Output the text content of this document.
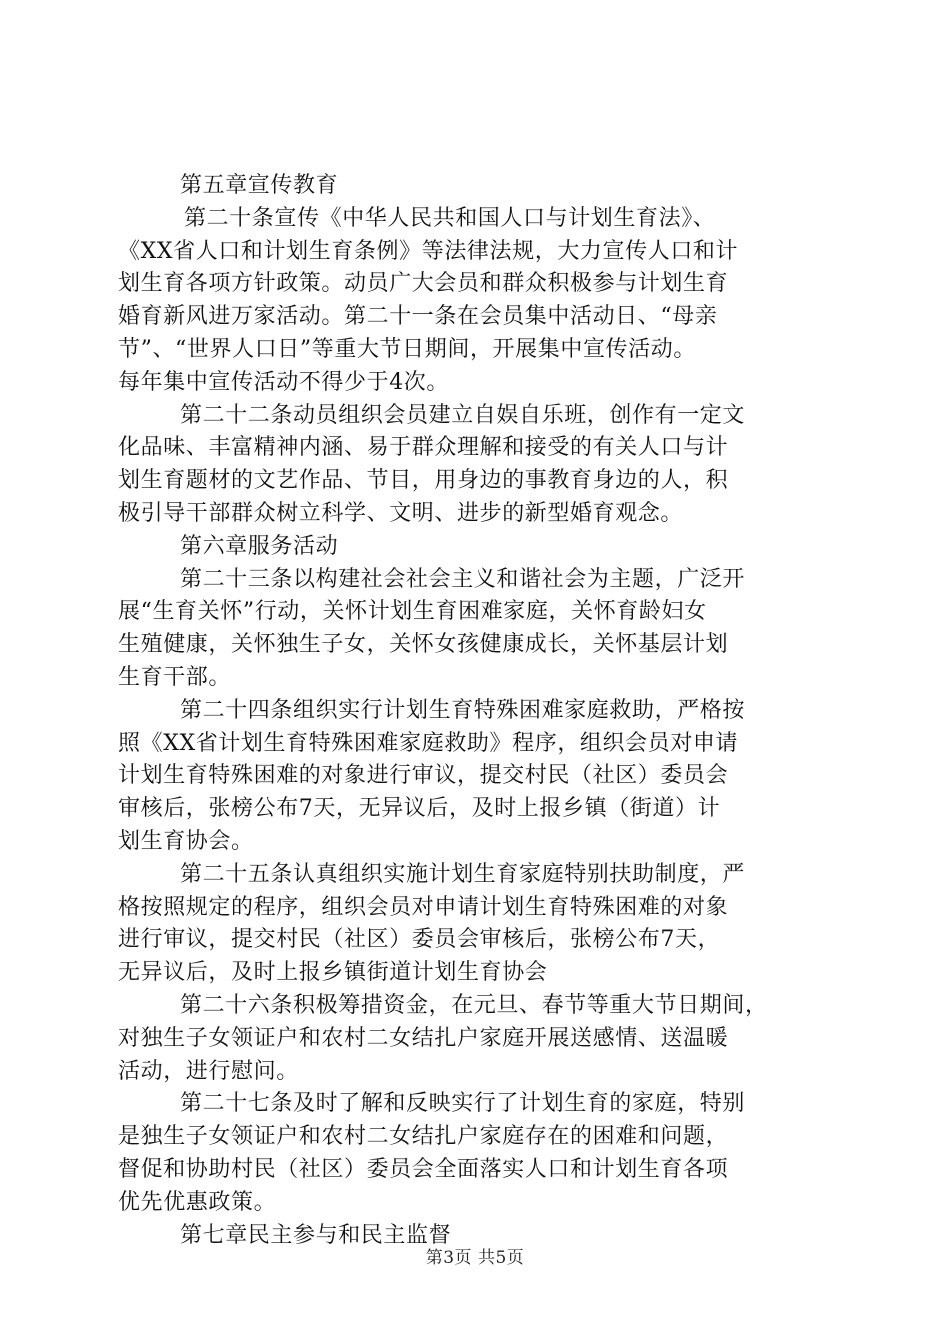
第五章宣传教育
第二十条宣传《中华人民共和国人口与计划生育法》、
《XX省人口和计划生育条例》等法律法规，大力宣传人口和计
划生育各项方针政策。动员广大会员和群众积极参与计划生育
婚育新风进万家活动。第二十一条在会员集中活动日、“母亲
节”、“世界人口日”等重大节日期间，开展集中宣传活动。
每年集中宣传活动不得少于4次。
第二十二条动员组织会员建立自娱自乐班，创作有一定文
化品味、丰富精神内涵、易于群众理解和接受的有关人口与计
划生育题材的文艺作品、节目，用身边的事教育身边的人，积
极引导干部群众树立科学、文明、进步的新型婚育观念。
第六章服务活动
第二十三条以构建社会社会主义和谐社会为主题，广泛开
展“生育关怀”行动，关怀计划生育困难家庭，关怀育龄妇女
生殖健康，关怀独生子女，关怀女孩健康成长，关怀基层计划
生育干部。
第二十四条组织实行计划生育特殊困难家庭救助，严格按
照《XX省计划生育特殊困难家庭救助》程序，组织会员对申请
计划生育特殊困难的对象进行审议，提交村民（社区）委员会
审核后，张榜公布7天，无异议后，及时上报乡镇（街道）计
划生育协会。
第二十五条认真组织实施计划生育家庭特别扶助制度，严
格按照规定的程序，组织会员对申请计划生育特殊困难的对象
进行审议，提交村民（社区）委员会审核后，张榜公布7天，
无异议后，及时上报乡镇街道计划生育协会
第二十六条积极筹措资金，在元旦、春节等重大节日期间，
对独生子女领证户和农村二女结扎户家庭开展送感情、送温暖
活动，进行慰问。
第二十七条及时了解和反映实行了计划生育的家庭，特别
是独生子女领证户和农村二女结扎户家庭存在的困难和问题，
督促和协助村民（社区）委员会全面落实人口和计划生育各项
优先优惠政策。
第七章民主参与和民主监督
第3页 共5页
